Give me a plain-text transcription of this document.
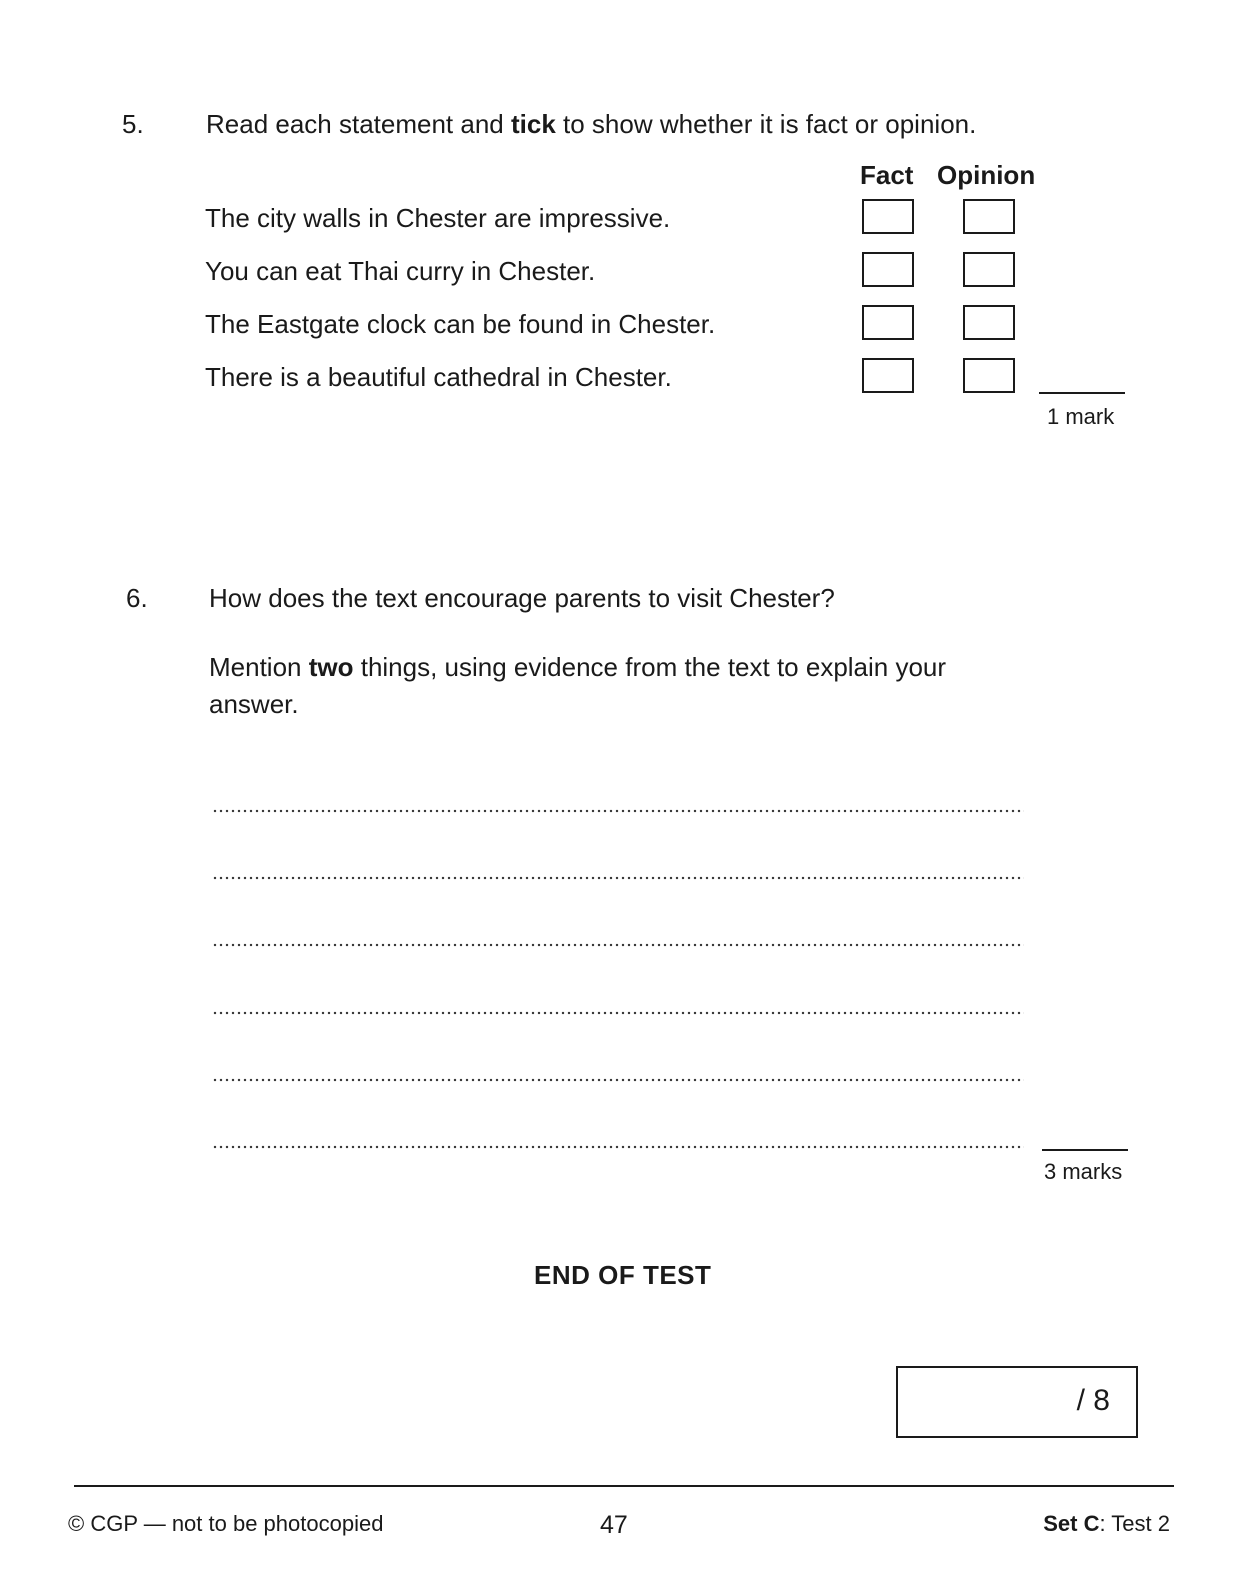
5. Read each statement and tick to show whether it is fact or opinion.
Fact Opinion
The city walls in Chester are impressive.
You can eat Thai curry in Chester.
The Eastgate clock can be found in Chester.
There is a beautiful cathedral in Chester.
1 mark
6. How does the text encourage parents to visit Chester?
Mention two things, using evidence from the text to explain your
answer.
3 marks
END OF TEST
/ 8
© CGP — not to be photocopied	47	Set C: Test 2
